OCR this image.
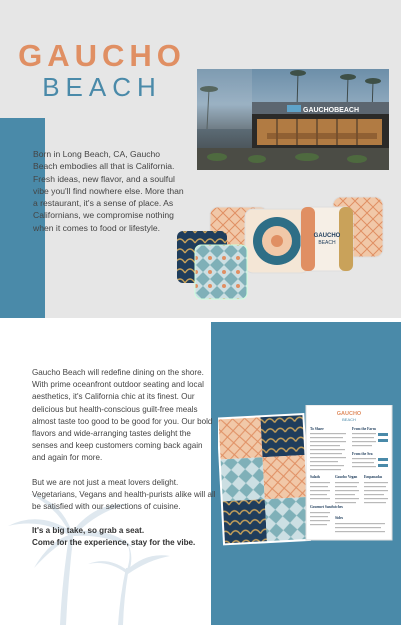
GAUCHO
BEACH
GAUCHOBEACH
Born in Long Beach, CA, Gaucho Beach embodies all that is California. Fresh ideas, new flavor, and a soulful vibe you'll find nowhere else. More than a restaurant, it's a sense of place. As Californians, we compromise nothing when it comes to food or lifestyle.
GAUCHO
BEACH

Gaucho Beach will redefine dining on the shore. With prime oceanfront outdoor seating and local aesthetics, it's California chic at its finest. Our delicious but health-conscious guilt-free meals almost taste too good to be good for you. Our bold flavors and wide-arranging tastes delight the senses and keep customers coming back again and again for more.

But we are not just a meat lovers delight. Vegetarians, Vegans and health-purists alike will all be satisfied with our selections of cuisine.

It's a big take, so grab a seat.

Come for the experience, stay for the vibe.

GAUCHO
BEACH
To Share	From the Farm
From the Sea
Salads	Gaucho Vegan Empanadas
Gourmet Sandwiches
Sides
